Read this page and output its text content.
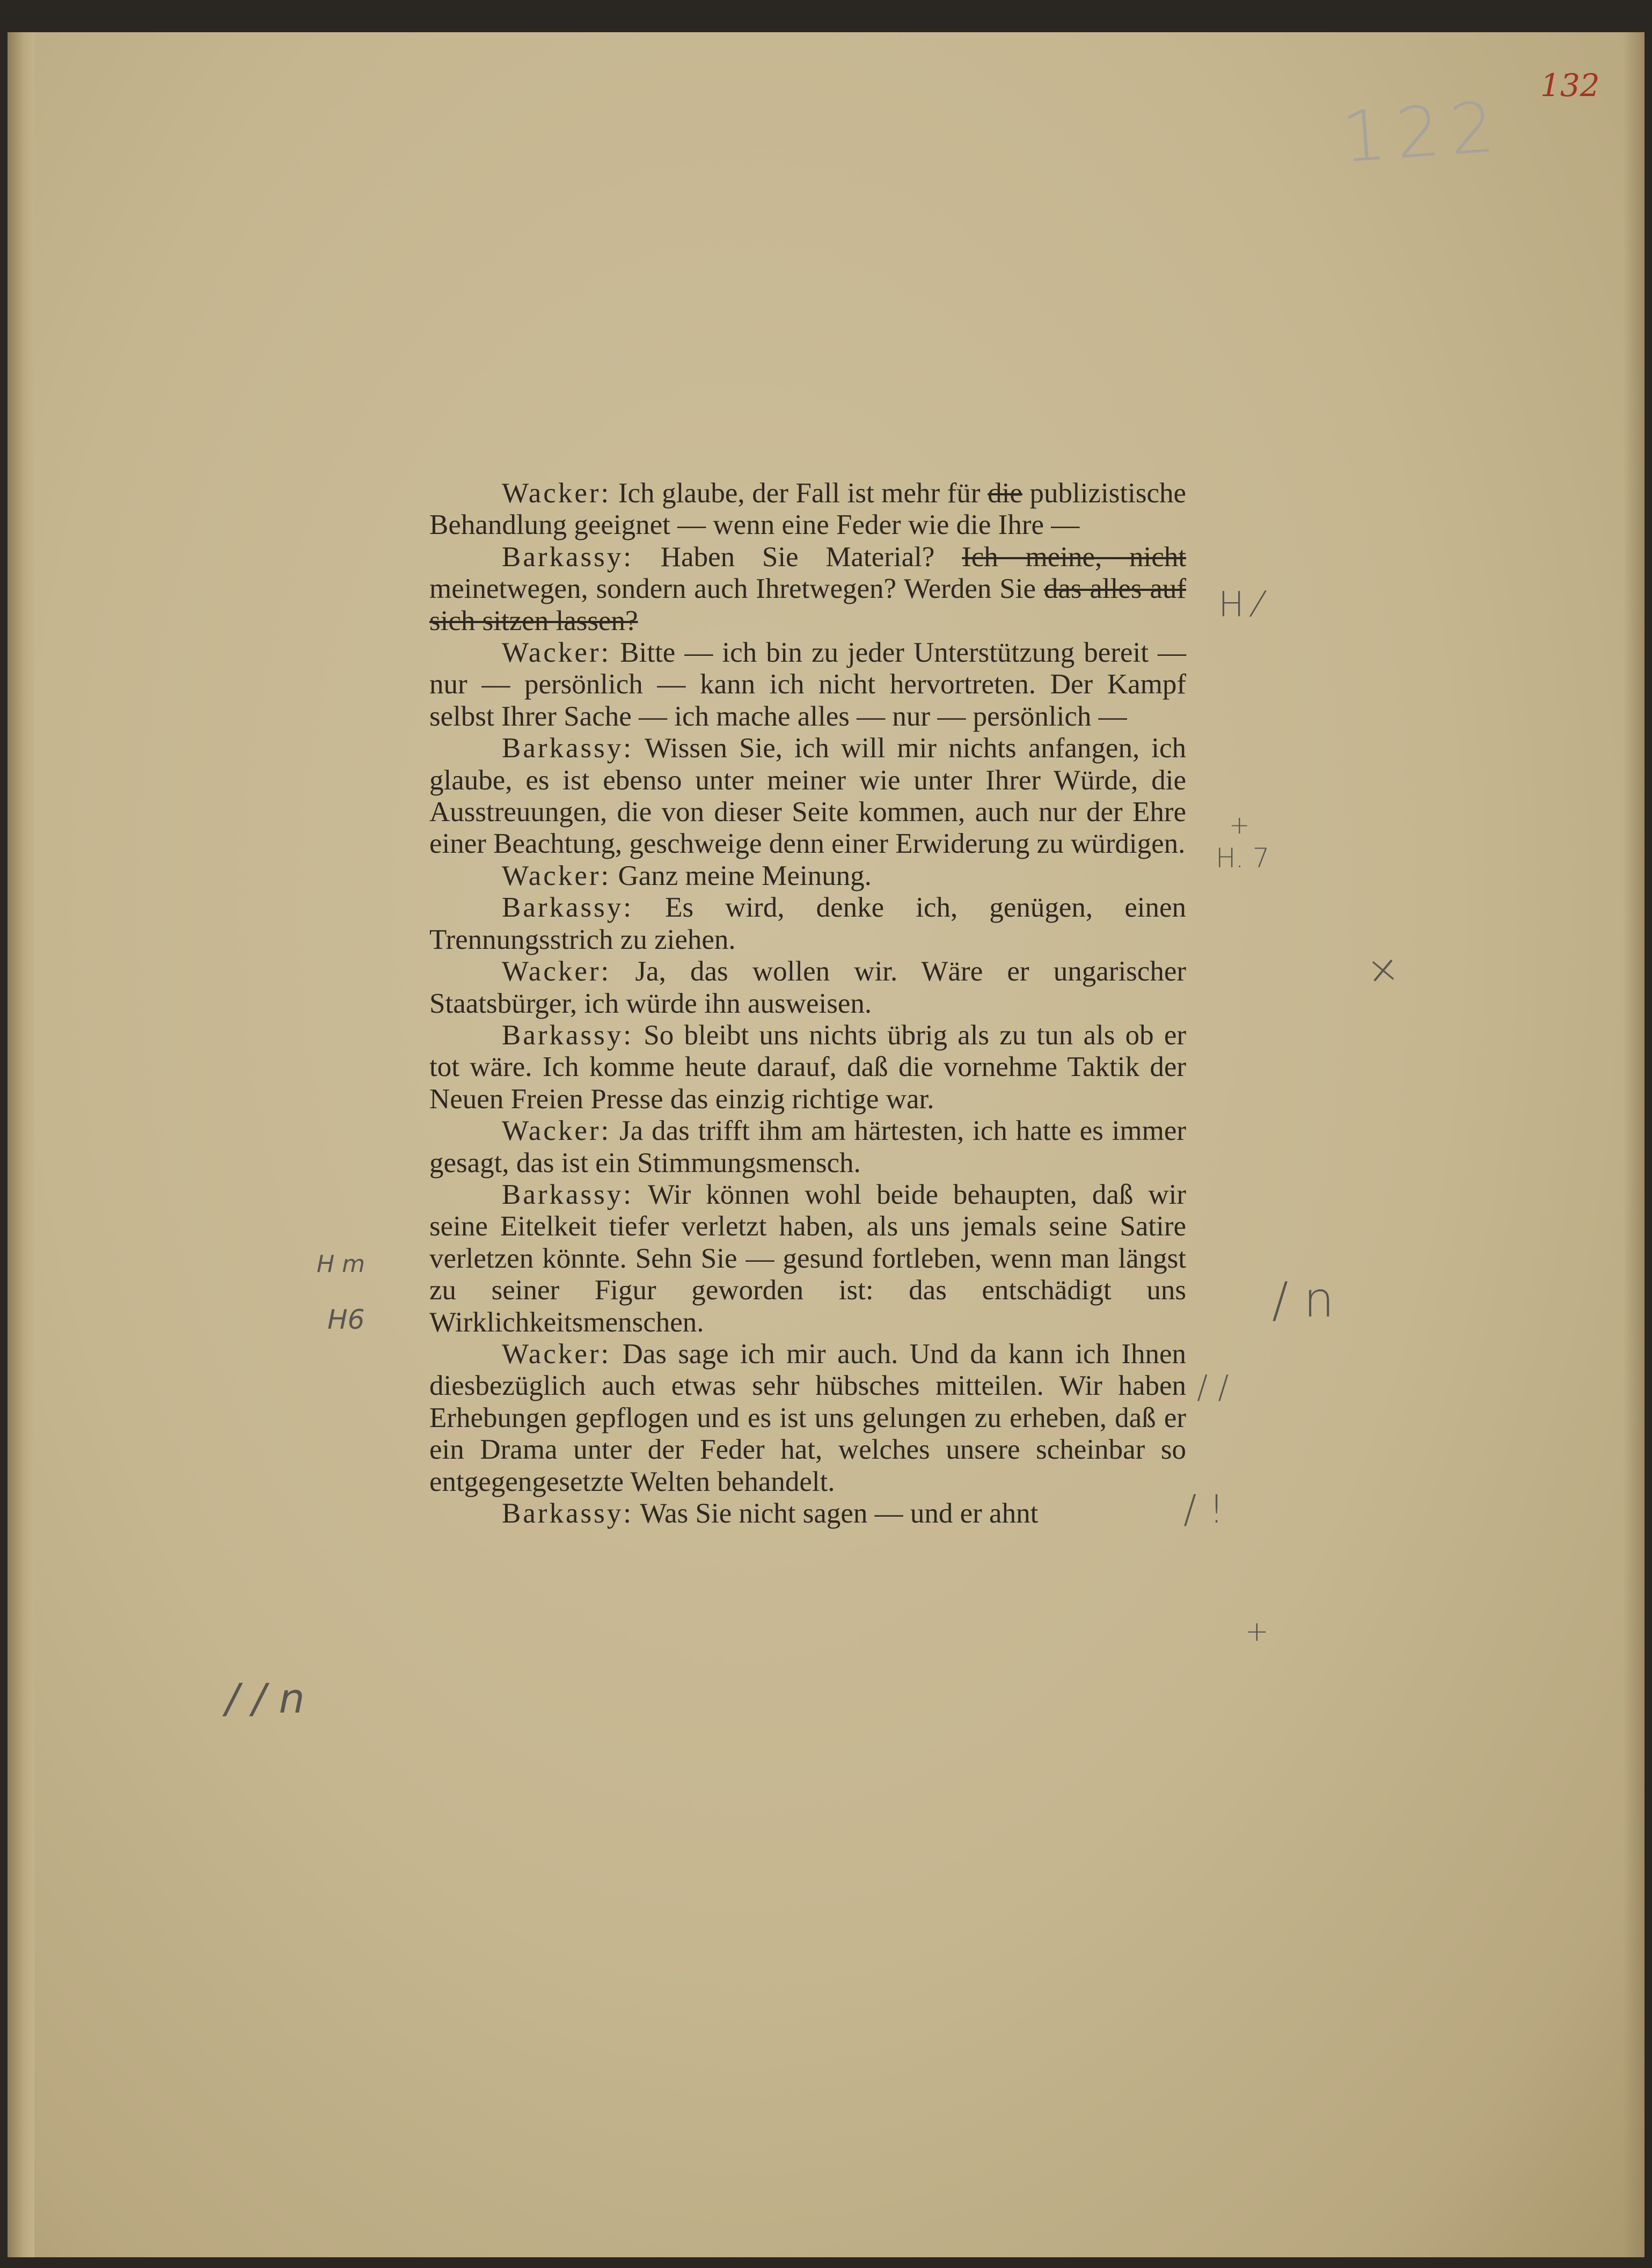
132
122

Wacker: Ich glaube, der Fall ist mehr für die publizistische Behandlung geeignet — wenn eine Feder wie die Ihre —

Barkassy: Haben Sie Material? Ich meine, nicht meinetwegen, sondern auch Ihretwegen? Werden Sie das alles auf sich sitzen lassen?

Wacker: Bitte — ich bin zu jeder Unterstützung bereit — nur — persönlich — kann ich nicht hervortreten. Der Kampf selbst Ihrer Sache — ich mache alles — nur — persönlich —

Barkassy: Wissen Sie, ich will mir nichts anfangen, ich glaube, es ist ebenso unter meiner wie unter Ihrer Würde, die Ausstreuungen, die von dieser Seite kommen, auch nur der Ehre einer Beachtung, geschweige denn einer Erwiderung zu würdigen.

Wacker: Ganz meine Meinung.

Barkassy: Es wird, denke ich, genügen, einen Trennungsstrich zu ziehen.

Wacker: Ja, das wollen wir. Wäre er ungarischer Staatsbürger, ich würde ihn ausweisen.

Barkassy: So bleibt uns nichts übrig als zu tun als ob er tot wäre. Ich komme heute darauf, daß die vornehme Taktik der Neuen Freien Presse das einzig richtige war.

Wacker: Ja das trifft ihm am härtesten, ich hatte es immer gesagt, das ist ein Stimmungsmensch.

Barkassy: Wir können wohl beide behaupten, daß wir seine Eitelkeit tiefer verletzt haben, als uns jemals seine Satire verletzen könnte. Sehn Sie — gesund fortleben, wenn man längst zu seiner Figur geworden ist: das entschädigt uns Wirklichkeitsmenschen.

Wacker: Das sage ich mir auch. Und da kann ich Ihnen diesbezüglich auch etwas sehr hübsches mitteilen. Wir haben Erhebungen gepflogen und es ist uns gelungen zu erheben, daß er ein Drama unter der Feder hat, welches unsere scheinbar so entgegengesetzte Welten behandelt.

Barkassy: Was Sie nicht sagen — und er ahnt

H ⁄
+
H. 7
+
H m
H6	/ n
/ /
/ !
+
/ / n
